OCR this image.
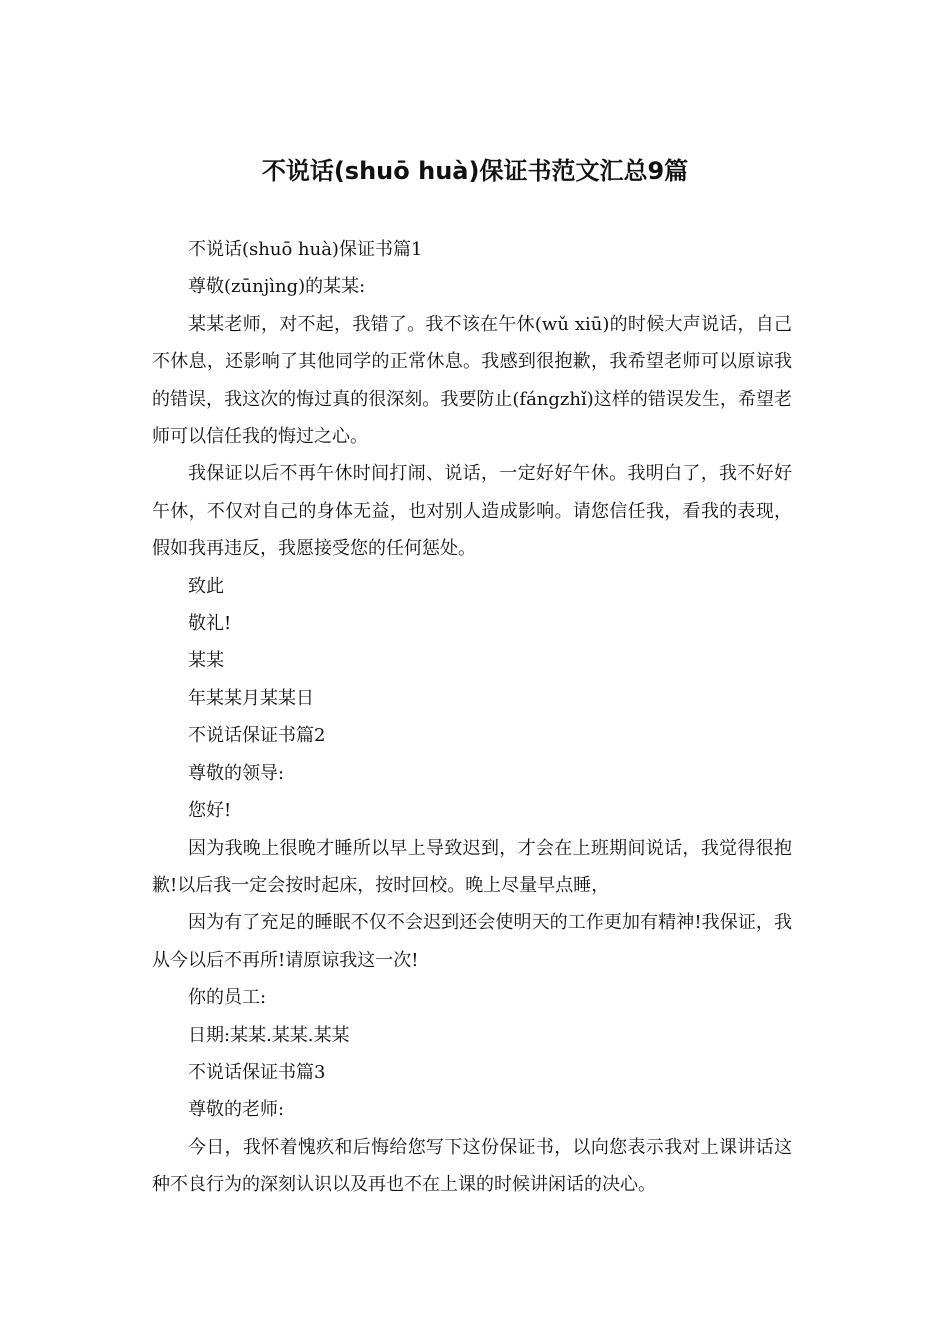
不说话(shuō huà)保证书范文汇总9篇

不说话(shuō huà)保证书篇1

尊敬(zūnjìng)的某某:

某某老师，对不起，我错了。我不该在午休(wǔ xiū)的时候大声说话，自己不休息，还影响了其他同学的正常休息。我感到很抱歉，我希望老师可以原谅我的错误，我这次的悔过真的很深刻。我要防止(fángzhǐ)这样的错误发生，希望老师可以信任我的悔过之心。

我保证以后不再午休时间打闹、说话，一定好好午休。我明白了，我不好好午休，不仅对自己的身体无益，也对别人造成影响。请您信任我，看我的表现，假如我再违反，我愿接受您的任何惩处。

致此

敬礼!

某某

年某某月某某日

不说话保证书篇2

尊敬的领导:

您好!

因为我晚上很晚才睡所以早上导致迟到，才会在上班期间说话，我觉得很抱歉!以后我一定会按时起床，按时回校。晚上尽量早点睡，

因为有了充足的睡眠不仅不会迟到还会使明天的工作更加有精神!我保证，我从今以后不再所!请原谅我这一次!

你的员工:

日期:某某.某某.某某

不说话保证书篇3

尊敬的老师:

今日，我怀着愧疚和后悔给您写下这份保证书，以向您表示我对上课讲话这种不良行为的深刻认识以及再也不在上课的时候讲闲话的决心。
